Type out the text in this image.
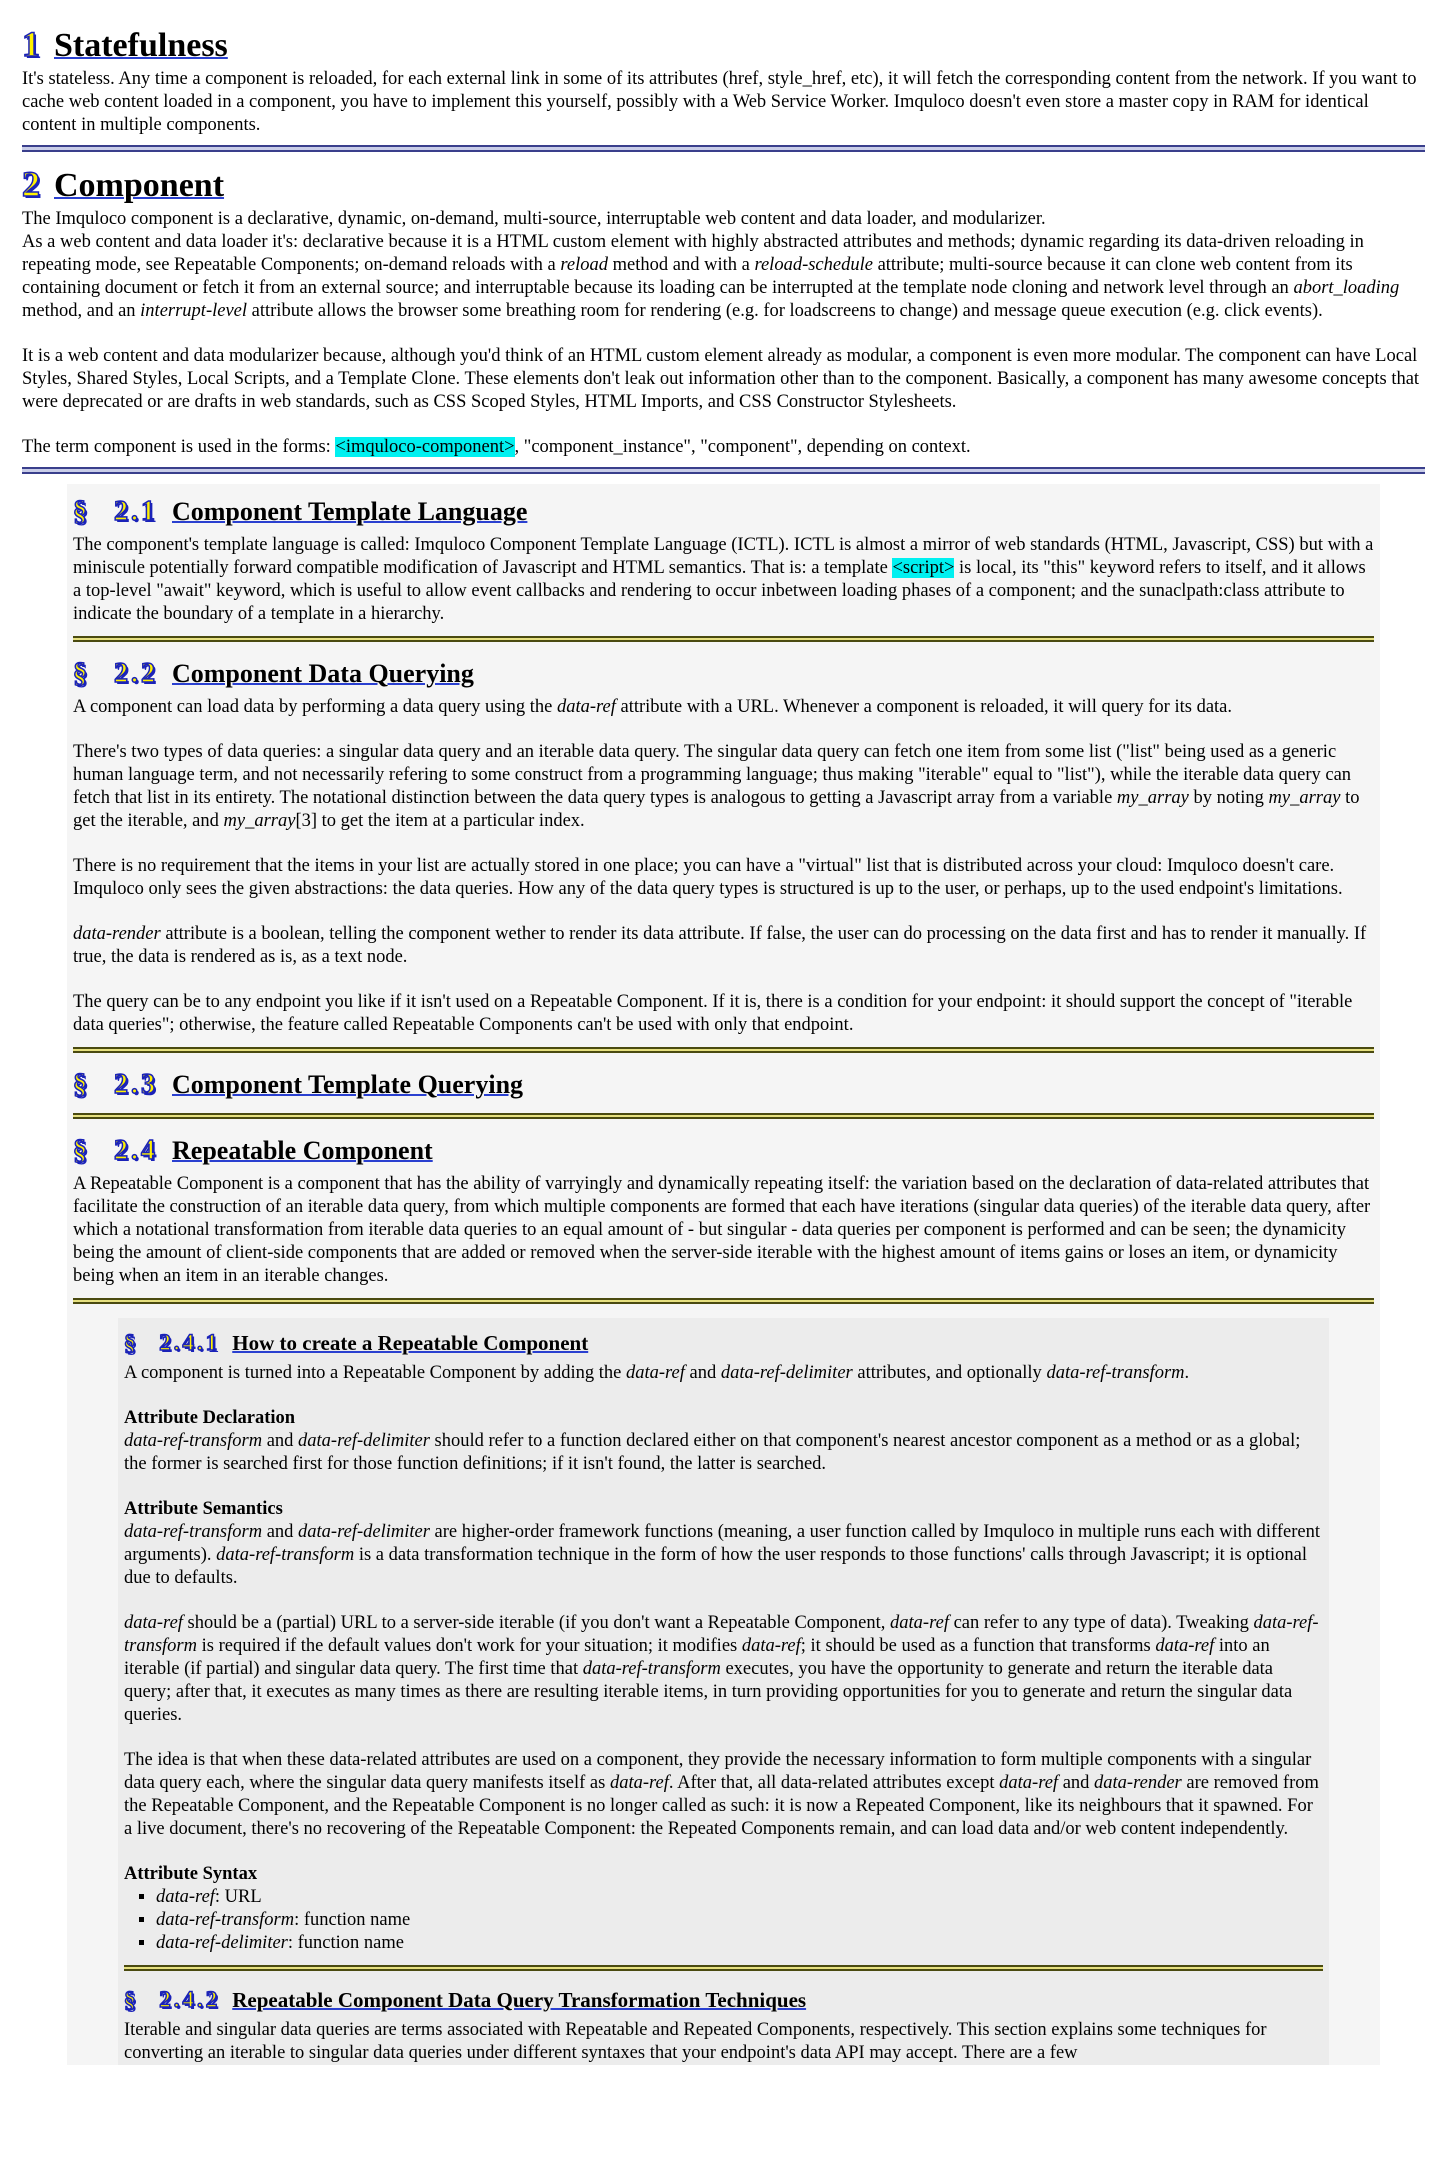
1 Statefulness

It's stateless. Any time a component is reloaded, for each external link in some of its attributes (href, style_href, etc), it will fetch the corresponding content from the network. If you want to cache web content loaded in a component, you have to implement this yourself, possibly with a Web Service Worker. Imquloco doesn't even store a master copy in RAM for identical content in multiple components.

2 Component

The Imquloco component is a declarative, dynamic, on-demand, multi-source, interruptable web content and data loader, and modularizer.

As a web content and data loader it's: declarative because it is a HTML custom element with highly abstracted attributes and methods; dynamic regarding its data-driven reloading in repeating mode, see Repeatable Components; on-demand reloads with a reload method and with a reload-schedule attribute; multi-source because it can clone web content from its containing document or fetch it from an external source; and interruptable because its loading can be interrupted at the template node cloning and network level through an abort_loading method, and an interrupt-level attribute allows the browser some breathing room for rendering (e.g. for loadscreens to change) and message queue execution (e.g. click events).

It is a web content and data modularizer because, although you'd think of an HTML custom element already as modular, a component is even more modular. The component can have Local Styles, Shared Styles, Local Scripts, and a Template Clone. These elements don't leak out information other than to the component. Basically, a component has many awesome concepts that were deprecated or are drafts in web standards, such as CSS Scoped Styles, HTML Imports, and CSS Constructor Stylesheets.

The term component is used in the forms: <imquloco-component>, "component_instance", "component", depending on context.

§ 2.1 Component Template Language

The component's template language is called: Imquloco Component Template Language (ICTL). ICTL is almost a mirror of web standards (HTML, Javascript, CSS) but with a miniscule potentially forward compatible modification of Javascript and HTML semantics. That is: a template <script> is local, its "this" keyword refers to itself, and it allows a top-level "await" keyword, which is useful to allow event callbacks and rendering to occur inbetween loading phases of a component; and the sunaclpath:class attribute to indicate the boundary of a template in a hierarchy.

§ 2.2 Component Data Querying

A component can load data by performing a data query using the data-ref attribute with a URL. Whenever a component is reloaded, it will query for its data.

There's two types of data queries: a singular data query and an iterable data query. The singular data query can fetch one item from some list ("list" being used as a generic human language term, and not necessarily refering to some construct from a programming language; thus making "iterable" equal to "list"), while the iterable data query can fetch that list in its entirety. The notational distinction between the data query types is analogous to getting a Javascript array from a variable my_array by noting my_array to get the iterable, and my_array[3] to get the item at a particular index.

There is no requirement that the items in your list are actually stored in one place; you can have a "virtual" list that is distributed across your cloud: Imquloco doesn't care. Imquloco only sees the given abstractions: the data queries. How any of the data query types is structured is up to the user, or perhaps, up to the used endpoint's limitations.

data-render attribute is a boolean, telling the component wether to render its data attribute. If false, the user can do processing on the data first and has to render it manually. If true, the data is rendered as is, as a text node.

The query can be to any endpoint you like if it isn't used on a Repeatable Component. If it is, there is a condition for your endpoint: it should support the concept of "iterable data queries"; otherwise, the feature called Repeatable Components can't be used with only that endpoint.

§ 2.3 Component Template Querying
§ 2.4 Repeatable Component

A Repeatable Component is a component that has the ability of varryingly and dynamically repeating itself: the variation based on the declaration of data-related attributes that facilitate the construction of an iterable data query, from which multiple components are formed that each have iterations (singular data queries) of the iterable data query, after which a notational transformation from iterable data queries to an equal amount of - but singular - data queries per component is performed and can be seen; the dynamicity being the amount of client-side components that are added or removed when the server-side iterable with the highest amount of items gains or loses an item, or dynamicity being when an item in an iterable changes.

§ 2.4.1 How to create a Repeatable Component

A component is turned into a Repeatable Component by adding the data-ref and data-ref-delimiter attributes, and optionally data-ref-transform.

Attribute Declaration

data-ref-transform and data-ref-delimiter should refer to a function declared either on that component's nearest ancestor component as a method or as a global; the former is searched first for those function definitions; if it isn't found, the latter is searched.

Attribute Semantics

data-ref-transform and data-ref-delimiter are higher-order framework functions (meaning, a user function called by Imquloco in multiple runs each with different arguments). data-ref-transform is a data transformation technique in the form of how the user responds to those functions' calls through Javascript; it is optional due to defaults.

data-ref should be a (partial) URL to a server-side iterable (if you don't want a Repeatable Component, data-ref can refer to any type of data). Tweaking data-ref-transform is required if the default values don't work for your situation; it modifies data-ref; it should be used as a function that transforms data-ref into an iterable (if partial) and singular data query. The first time that data-ref-transform executes, you have the opportunity to generate and return the iterable data query; after that, it executes as many times as there are resulting iterable items, in turn providing opportunities for you to generate and return the singular data queries.

The idea is that when these data-related attributes are used on a component, they provide the necessary information to form multiple components with a singular data query each, where the singular data query manifests itself as data-ref. After that, all data-related attributes except data-ref and data-render are removed from the Repeatable Component, and the Repeatable Component is no longer called as such: it is now a Repeated Component, like its neighbours that it spawned. For a live document, there's no recovering of the Repeatable Component: the Repeated Components remain, and can load data and/or web content independently.

Attribute Syntax

▪ data-ref: URL
▪ data-ref-transform: function name
▪ data-ref-delimiter: function name
§ 2.4.2 Repeatable Component Data Query Transformation Techniques

Iterable and singular data queries are terms associated with Repeatable and Repeated Components, respectively. This section explains some techniques for converting an iterable to singular data queries under different syntaxes that your endpoint's data API may accept. There are a few
